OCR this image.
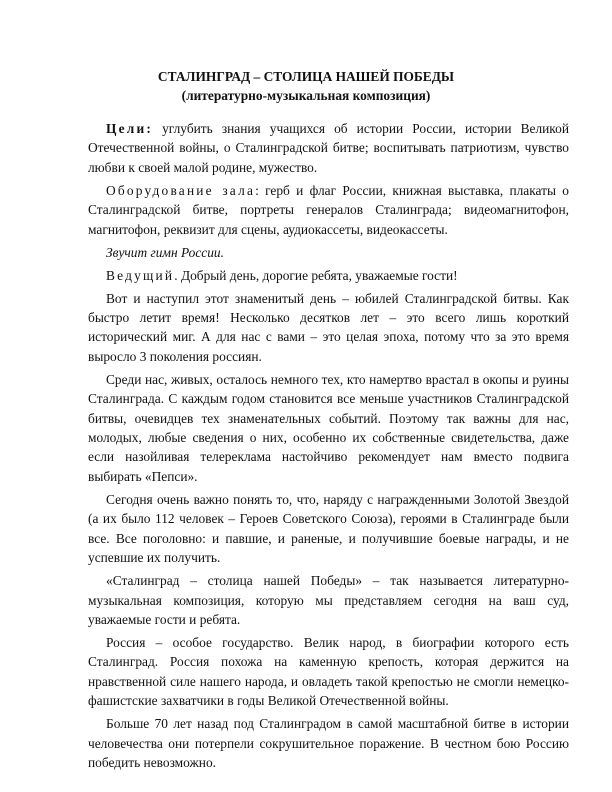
СТАЛИНГРАД – СТОЛИЦА НАШЕЙ ПОБЕДЫ

(литературно-музыкальная композиция)

Цели: углубить знания учащихся об истории России, истории Великой Отечественной войны, о Сталинградской битве; воспитывать патриотизм, чувство любви к своей малой родине, мужество.

Оборудование зала: герб и флаг России, книжная выставка, плакаты о Сталинградской битве, портреты генералов Сталинграда; видеомагнитофон, магнитофон, реквизит для сцены, аудиокассеты, видеокассеты.

Звучит гимн России.

Ведущий. Добрый день, дорогие ребята, уважаемые гости!

Вот и наступил этот знаменитый день – юбилей Сталинградской битвы. Как быстро летит время! Несколько десятков лет – это всего лишь короткий исторический миг. А для нас с вами – это целая эпоха, потому что за это время выросло 3 поколения россиян.

Среди нас, живых, осталось немного тех, кто намертво врастал в окопы и руины Сталинграда. С каждым годом становится все меньше участников Сталинградской битвы, очевидцев тех знаменательных событий. Поэтому так важны для нас, молодых, любые сведения о них, особенно их собственные свидетельства, даже если назойливая телереклама настойчиво рекомендует нам вместо подвига выбирать «Пепси».

Сегодня очень важно понять то, что, наряду с награжденными Золотой Звездой (а их было 112 человек – Героев Советского Союза), героями в Сталинграде были все. Все поголовно: и павшие, и раненые, и получившие боевые награды, и не успевшие их получить.

«Сталинград – столица нашей Победы» – так называется литературно-музыкальная композиция, которую мы представляем сегодня на ваш суд, уважаемые гости и ребята.

Россия – особое государство. Велик народ, в биографии которого есть Сталинград. Россия похожа на каменную крепость, которая держится на нравственной силе нашего народа, и овладеть такой крепостью не смогли немецко-фашистские захватчики в годы Великой Отечественной войны.

Больше 70 лет назад под Сталинградом в самой масштабной битве в истории человечества они потерпели сокрушительное поражение. В честном бою Россию победить невозможно.
